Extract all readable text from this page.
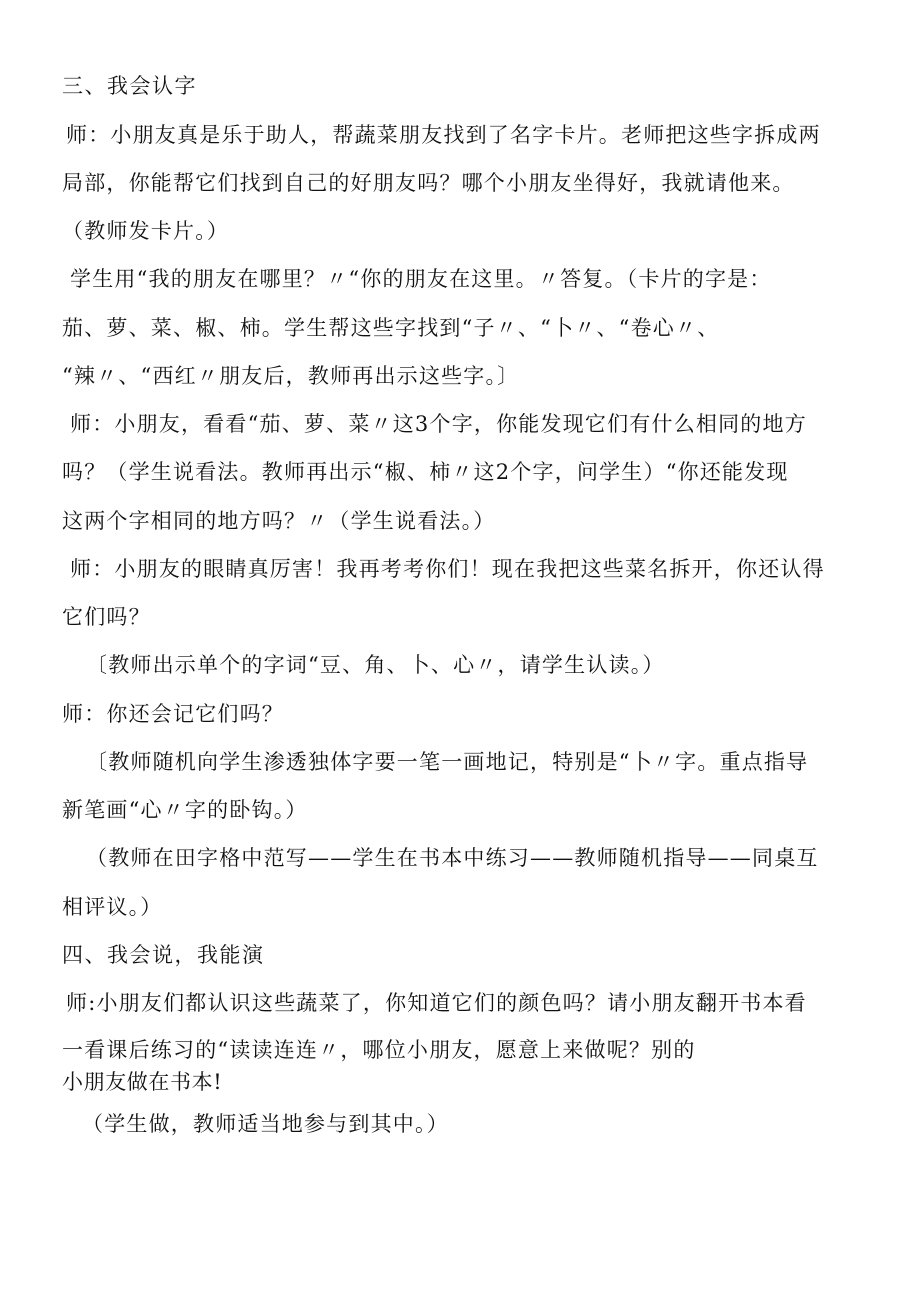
三、我会认字
师：小朋友真是乐于助人，帮蔬菜朋友找到了名字卡片。老师把这些字拆成两
局部，你能帮它们找到自己的好朋友吗？哪个小朋友坐得好，我就请他来。
（教师发卡片。）
学生用“我的朋友在哪里？〃“你的朋友在这里。〃答复。（卡片的字是：
茄、萝、菜、椒、柿。学生帮这些字找到“子〃、“卜〃、“卷心〃、
“辣〃、“西红〃朋友后，教师再出示这些字。〕
师：小朋友，看看“茄、萝、菜〃这3个字，你能发现它们有什么相同的地方
吗？（学生说看法。教师再出示“椒、柿〃这2个字，问学生）“你还能发现
这两个字相同的地方吗？〃（学生说看法。）
师：小朋友的眼睛真厉害！我再考考你们！现在我把这些菜名拆开，你还认得
它们吗？
〔教师出示单个的字词“豆、角、卜、心〃，请学生认读。）
师：你还会记它们吗？
〔教师随机向学生渗透独体字要一笔一画地记，特别是“卜〃字。重点指导
新笔画“心〃字的卧钩。）
（教师在田字格中范写——学生在书本中练习——教师随机指导——同桌互
相评议。）
四、我会说，我能演
师:小朋友们都认识这些蔬菜了，你知道它们的颜色吗？请小朋友翻开书本看
一看课后练习的“读读连连〃，哪位小朋友，愿意上来做呢？别的
小朋友做在书本!
（学生做，教师适当地参与到其中。）
